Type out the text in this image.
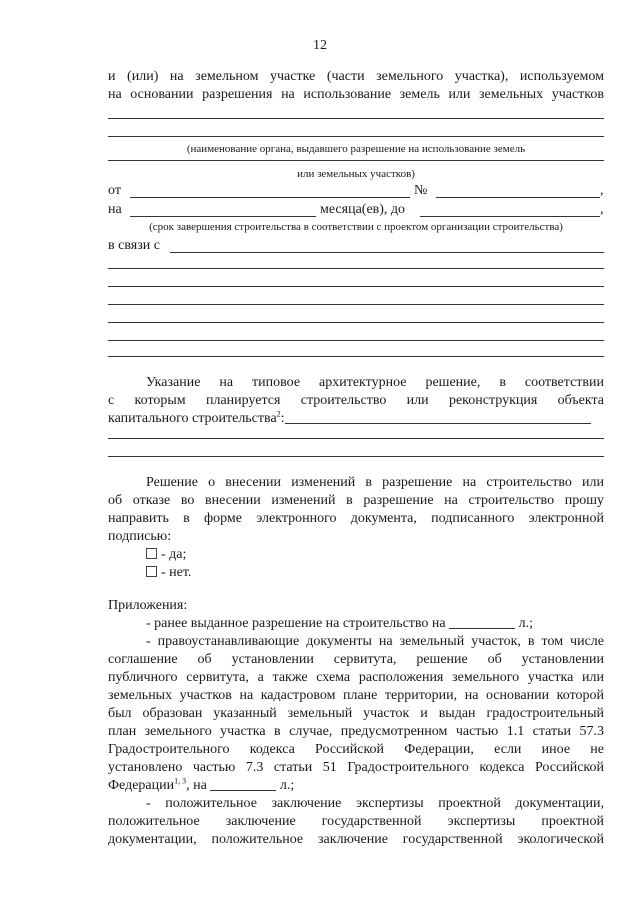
12
и (или) на земельном участке (части земельного участка), используемом
на основании разрешения на использование земель или земельных участков
(наименование органа, выдавшего разрешение на использование земель
или земельных участков)
от	№	,
на	месяца(ев), до	,
(срок завершения строительства в соответствии с проектом организации строительства)
в связи с
Указание на типовое архитектурное решение, в соответствии
с которым планируется строительство или реконструкция объекта
капитального строительства$^2$:
Решение о внесении изменений в разрешение на строительство или
об отказе во внесении изменений в разрешение на строительство прошу
направить в форме электронного документа, подписанного электронной
подписью:
- да;
- нет.
Приложения:
- ранее выданное разрешение на строительство на	л.;
- правоустанавливающие документы на земельный участок, в том числе
соглашение об установлении сервитута, решение об установлении
публичного сервитута, а также схема расположения земельного участка или
земельных участков на кадастровом плане территории, на основании которой
был образован указанный земельный участок и выдан градостроительный
план земельного участка в случае, предусмотренном частью 1.1 статьи 57.3
Градостроительного кодекса Российской Федерации, если иное не
установлено частью 7.3 статьи 51 Градостроительного кодекса Российской
Федерации$^{1, 3}$, на	л.;
- положительное заключение экспертизы проектной документации,
положительное заключение государственной экспертизы проектной
документации, положительное заключение государственной экологической
